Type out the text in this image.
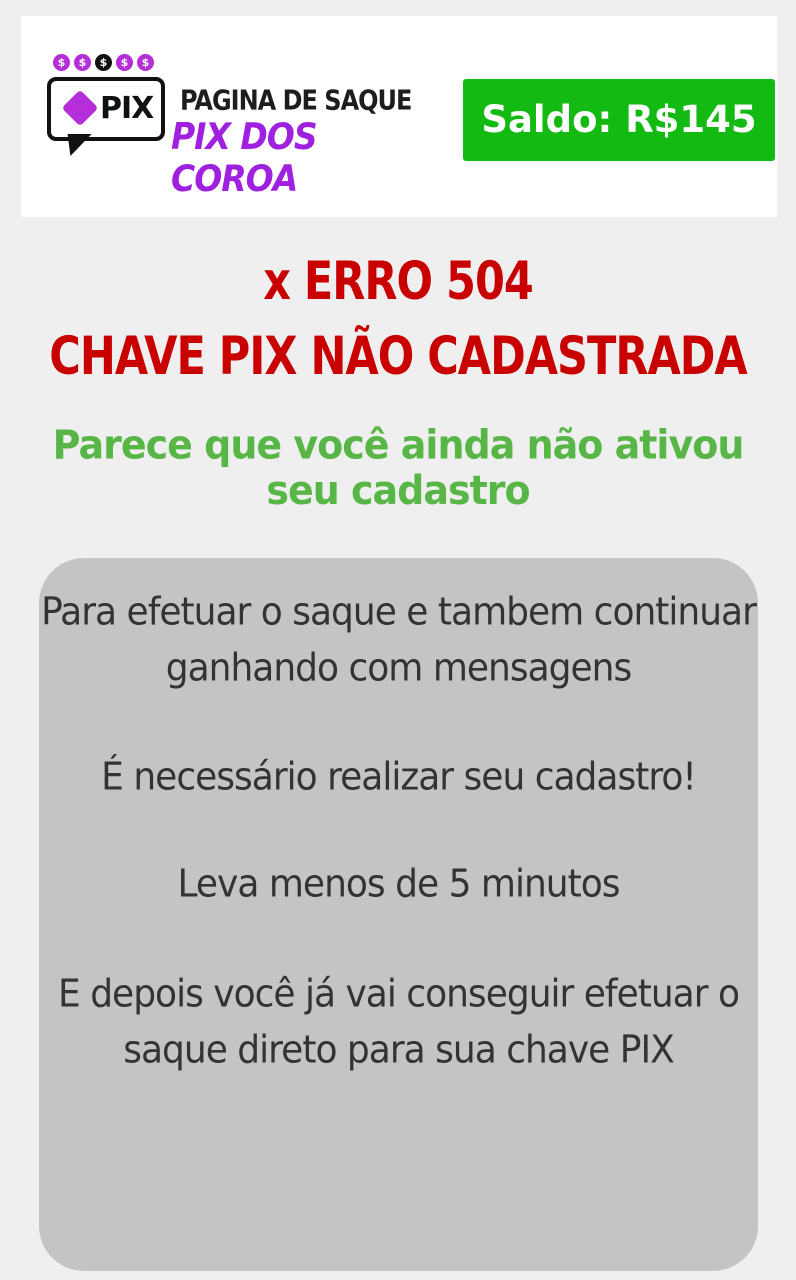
$	$	$	$	$
PIX PAGINA DE SAQUE
PIX DOS COROA
Saldo: R$145
x ERRO 504
CHAVE PIX NÃO CADASTRADA
Parece que você ainda não ativou seu cadastro
Para efetuar o saque e tambem continuar ganhando com mensagens
É necessário realizar seu cadastro!
Leva menos de 5 minutos
E depois você já vai conseguir efetuar o saque direto para sua chave PIX
